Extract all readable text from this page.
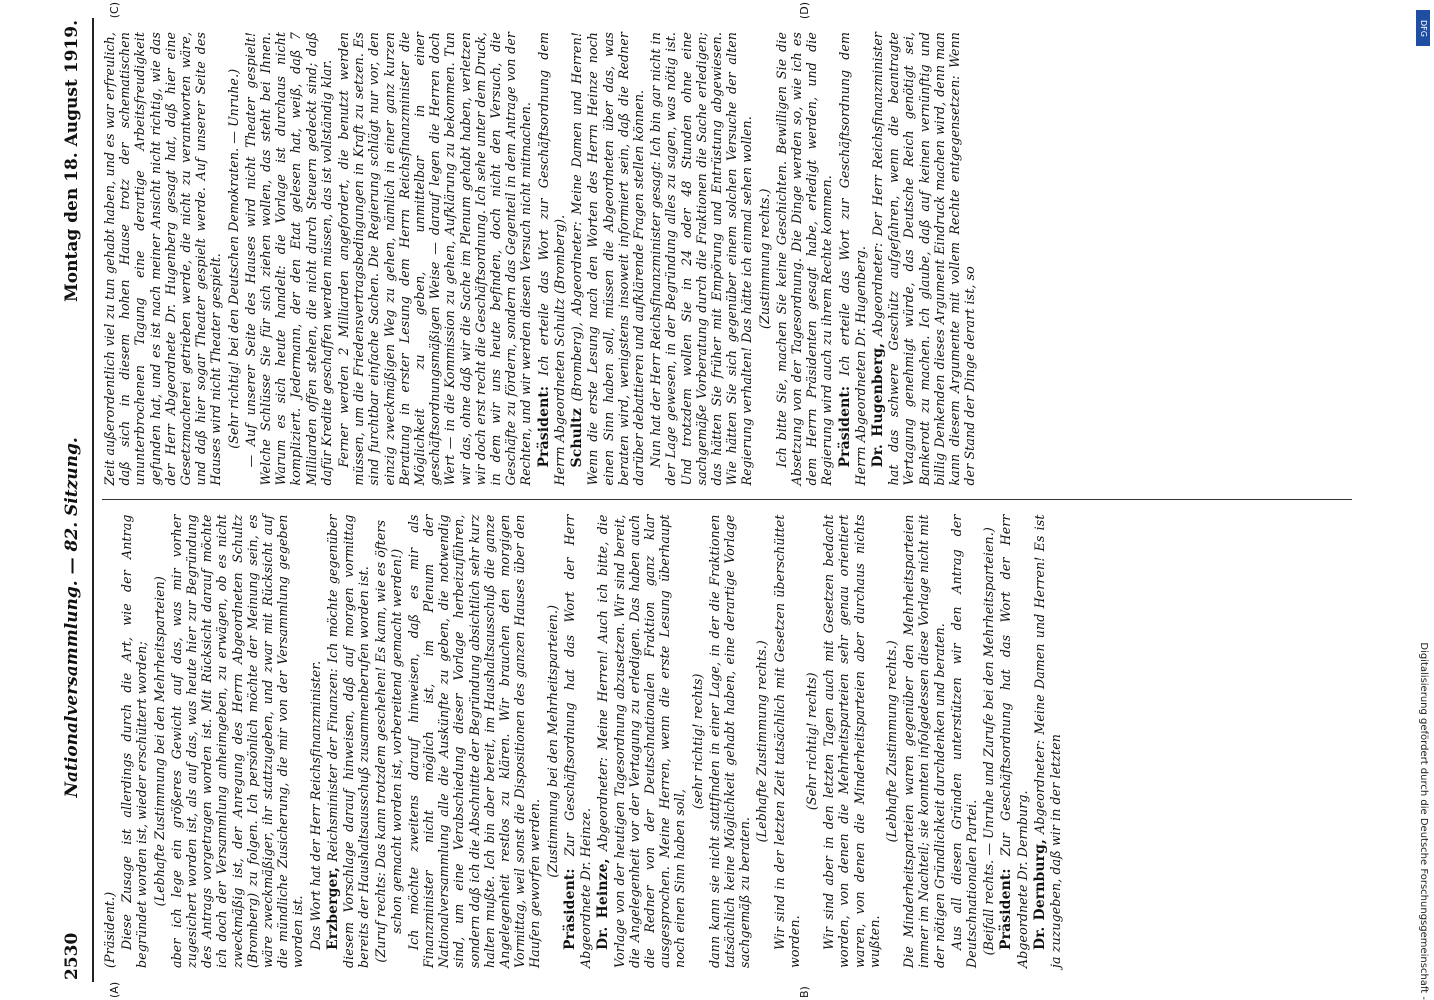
2530
Nationalversammlung. — 82. Sitzung.
Montag den 18. August 1919.

(Präsident.) Diese Zusage ist allerdings durch die Art, wie der Antrag begründet worden ist, wieder erschüttert worden; (Lebhafte Zustimmung bei den Mehrheitsparteien) aber ich lege ein größeres Gewicht auf das, was mir vorher zugesichert worden ist, als auf das, was heute hier zur Begründung des Antrags vorgetragen worden ist. Mit Rücksicht darauf möchte ich doch der Versammlung anheimgeben, zu erwägen, ob es nicht zweckmäßig ist, der Anregung des Herrn Abgeordneten Schultz (Bromberg) zu folgen. Ich persönlich möchte der Meinung sein, es wäre zweckmäßiger, ihr stattzugeben, und zwar mit Rücksicht auf die mündliche Zusicherung, die mir von der Versammlung gegeben worden ist. Das Wort hat der Herr Reichsfinanzminister. Erzberger, Reichsminister der Finanzen: Ich möchte gegenüber diesem Vorschlage darauf hinweisen, daß auf morgen vormittag bereits der Haushaltsausschuß zusammenberufen worden ist. (Zuruf rechts: Das kann trotzdem geschehen! Es kann, wie es öfters schon gemacht worden ist, vorbereitend gemacht werden!) Ich möchte zweitens darauf hinweisen, daß es mir als Finanzminister nicht möglich ist, im Plenum der Nationalversammlung alle die Auskünfte zu geben, die notwendig sind, um eine Verabschiedung dieser Vorlage herbeizuführen, sondern daß ich die Abschnitte der Begründung absichtlich sehr kurz halten mußte. Ich bin aber bereit, im Haushaltsausschuß die ganze Angelegenheit restlos zu klären. Wir brauchen den morgigen Vormittag, weil sonst die Dispositionen des ganzen Hauses über den Haufen geworfen werden.

(Zustimmung bei den Mehrheitsparteien.)

Präsident: Zur Geschäftsordnung hat das Wort der Herr Abgeordnete Dr. Heinze. Dr. Heinze, Abgeordneter: Meine Herren! Auch ich bitte, die Vorlage von der heutigen Tagesordnung abzusetzen. Wir sind bereit, die Angelegenheit vor der Vertagung zu erledigen. Das haben auch die Redner von der Deutschnationalen Fraktion ganz klar ausgesprochen. Meine Herren, wenn die erste Lesung überhaupt noch einen Sinn haben soll,

(sehr richtig! rechts) dann kann sie nicht stattfinden in einer Lage, in der die Fraktionen tatsächlich keine Möglichkeit gehabt haben, eine derartige Vorlage sachgemäß zu beraten.

(Lebhafte Zustimmung rechts.) Wir sind in der letzten Zeit tatsächlich mit Gesetzen überschüttet worden.

(Sehr richtig! rechts) Wir sind aber in den letzten Tagen auch mit Gesetzen bedacht worden, von denen die Mehrheitsparteien sehr genau orientiert waren, von denen die Minderheitsparteien aber durchaus nichts wußten.

(Lebhafte Zustimmung rechts.) Die Minderheitsparteien waren gegenüber den Mehrheitsparteien immer im Nachteil; sie konnten infolgedessen diese Vorlage nicht mit der nötigen Gründlichkeit durchdenken und beraten. Aus all diesen Gründen unterstützen wir den Antrag der Deutschnationalen Partei. (Beifall rechts. — Unruhe und Zurufe bei den Mehrheitsparteien.) Präsident: Zur Geschäftsordnung hat das Wort der Herr Abgeordnete Dr. Dernburg. Dr. Dernburg, Abgeordneter: Meine Damen und Herren! Es ist ja zuzugeben, daß wir in der letzten

Zeit außerordentlich viel zu tun gehabt haben, und es war erfreulich, daß sich in diesem hohen Hause trotz der schematischen ununterbrochenen Tagung eine derartige Arbeitsfreudigkeit gefunden hat, und es ist nach meiner Ansicht nicht richtig, wie das der Herr Abgeordnete Dr. Hugenberg gesagt hat, daß hier eine Gesetzmacherei getrieben werde, die nicht zu verantworten wäre, und daß hier sogar Theater gespielt werde. Auf unserer Seite des Hauses wird nicht Theater gespielt. (Sehr richtig! bei den Deutschen Demokraten. — Unruhe.) — Auf unserer Seite des Hauses wird nicht Theater gespielt! Welche Schlüsse Sie für sich ziehen wollen, das steht bei Ihnen. Warum es sich heute handelt: die Vorlage ist durchaus nicht kompliziert. Jedermann, der den Etat gelesen hat, weiß, daß 7 Milliarden offen stehen, die nicht durch Steuern gedeckt sind; daß dafür Kredite geschaffen werden müssen, das ist vollständig klar. Ferner werden 2 Milliarden angefordert, die benutzt werden müssen, um die Friedensvertragsbedingungen in Kraft zu setzen. Es sind furchtbar einfache Sachen. Die Regierung schlägt nur vor, den einzig zweckmäßigen Weg zu gehen, nämlich in einer ganz kurzen Beratung in erster Lesung dem Herrn Reichsfinanzminister die Möglichkeit zu geben, unmittelbar in einer geschäftsordnungsmäßigen Weise — darauf legen die Herren doch Wert — in die Kommission zu gehen, Aufklärung zu bekommen. Tun wir das, ohne daß wir die Sache im Plenum gehabt haben, verletzen wir doch erst recht die Geschäftsordnung. Ich sehe unter dem Druck, in dem wir uns heute befinden, doch nicht den Versuch, die Geschäfte zu fördern, sondern das Gegenteil in dem Antrage von der Rechten, und wir werden diesen Versuch nicht mitmachen. Präsident: Ich erteile das Wort zur Geschäftsordnung dem Herrn Abgeordneten Schultz (Bromberg). Schultz (Bromberg), Abgeordneter: Meine Damen und Herren! Wenn die erste Lesung nach den Worten des Herrn Heinze noch einen Sinn haben soll, müssen die Abgeordneten über das, was beraten wird, wenigstens insoweit informiert sein, daß die Redner darüber debattieren und aufklärende Fragen stellen können. Nun hat der Herr Reichsfinanzminister gesagt: Ich bin gar nicht in der Lage gewesen, in der Begründung alles zu sagen, was nötig ist. Und trotzdem wollen Sie in 24 oder 48 Stunden ohne eine sachgemäße Vorberatung durch die Fraktionen die Sache erledigen; das hätten Sie früher mit Empörung und Entrüstung abgewiesen. Wie hätten Sie sich gegenüber einem solchen Versuche der alten Regierung verhalten! Das hätte ich einmal sehen wollen. (Zustimmung rechts.) Ich bitte Sie, machen Sie keine Geschichten. Bewilligen Sie die Absetzung von der Tagesordnung. Die Dinge werden so, wie ich es dem Herrn Präsidenten gesagt habe, erledigt werden, und die Regierung wird auch zu ihrem Rechte kommen. Präsident: Ich erteile das Wort zur Geschäftsordnung dem Herrn Abgeordneten Dr. Hugenberg. Dr. Hugenberg, Abgeordneter: Der Herr Reichsfinanzminister hat das schwere Geschütz aufgefahren, wenn die beantragte Vertagung genehmigt würde, das Deutsche Reich genötigt sei, Bankerott zu machen. Ich glaube, daß auf keinen vernünftig und billig Denkenden dieses Argument Eindruck machen wird, denn man kann diesem Argumente mit vollem Rechte entgegensetzen: Wenn der Stand der Dinge derart ist, so

(A)	B)
(C)	(D)
DFG
Digitalisierung gefördert durch die Deutsche Forschungsgemeinschaft -
